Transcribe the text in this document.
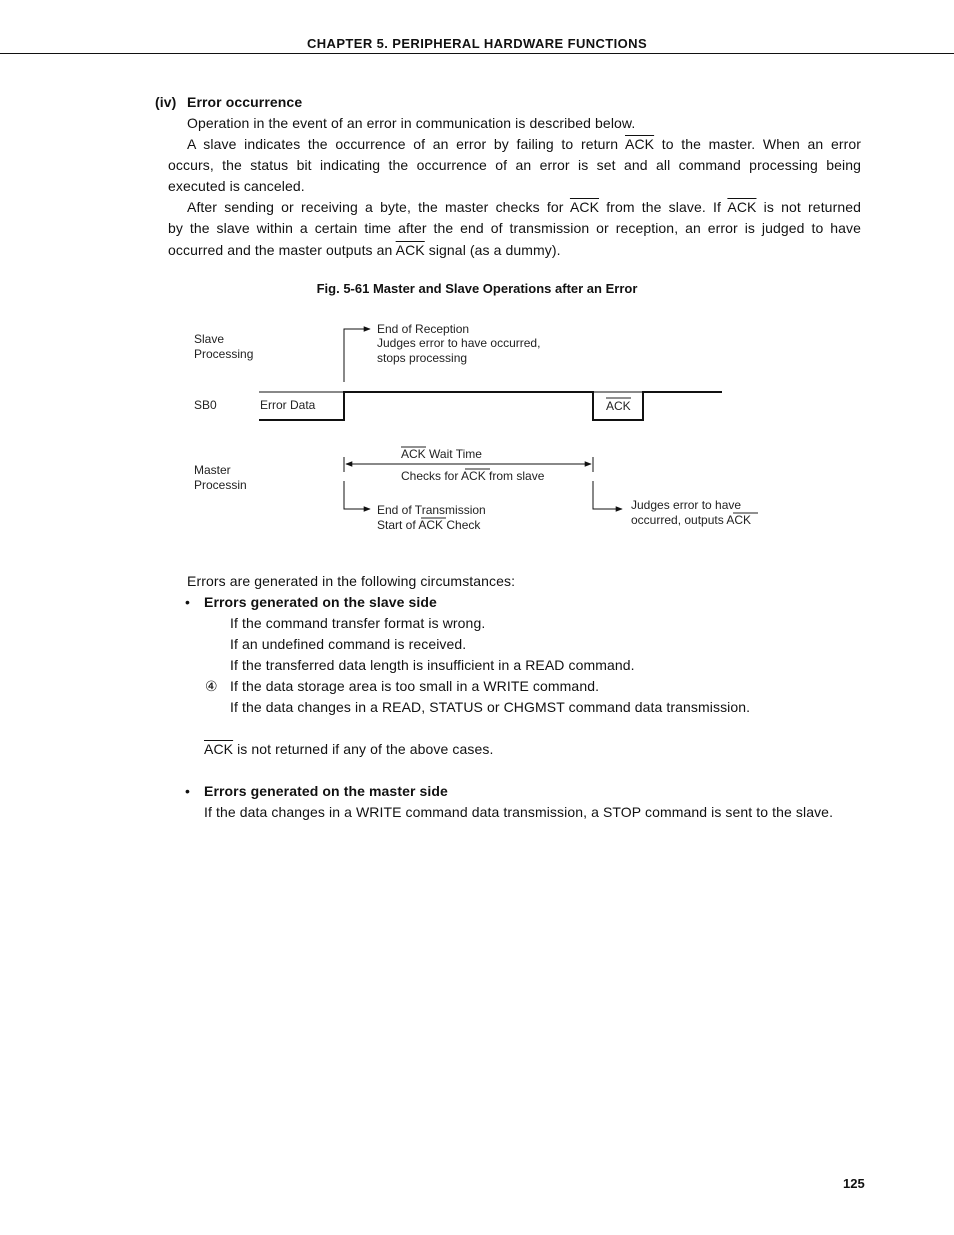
CHAPTER 5. PERIPHERAL HARDWARE FUNCTIONS
(iv) Error occurrence
Operation in the event of an error in communication is described below.
A slave indicates the occurrence of an error by failing to return $\overline{ACK}$ to the master. When an error
occurs, the status bit indicating the occurrence of an error is set and all command processing being
executed is canceled.
After sending or receiving a byte, the master checks for $\overline{ACK}$ from the slave. If $\overline{ACK}$ is not returned
by the slave within a certain time after the end of transmission or reception, an error is judged to have
occurred and the master outputs an $\overline{ACK}$ signal (as a dummy).
Fig. 5-61 Master and Slave Operations after an Error
Slave
Processing
SB0
Master
Processin
Error Data	ACK
End of Reception
Judges error to have occurred,
stops processing
ACK Wait Time
Checks for ACK from slave
End of Transmission
Start of ACK Check
Judges error to have
occurred, outputs ACK
Errors are generated in the following circumstances:
• Errors generated on the slave side
If the command transfer format is wrong.
If an undefined command is received.
If the transferred data length is insufficient in a READ command.
④ If the data storage area is too small in a WRITE command.
If the data changes in a READ, STATUS or CHGMST command data transmission.
$\overline{ACK}$ is not returned if any of the above cases.
• Errors generated on the master side
If the data changes in a WRITE command data transmission, a STOP command is sent to the slave.
125
